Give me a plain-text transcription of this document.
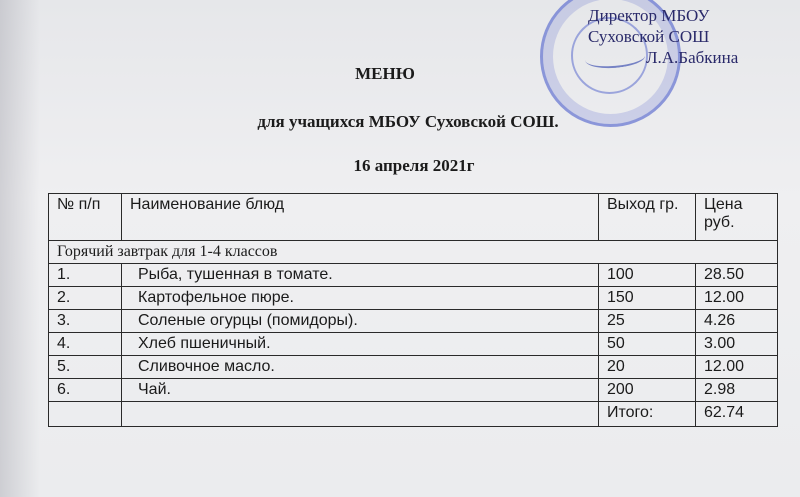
Директор МБОУ
Суховской СОШ
Л.А.Бабкина
МЕНЮ
для учащихся МБОУ Суховской СОШ.
16 апреля 2021г
№ п/п	Наименование блюд	Выход гр.	Цена руб.
Горячий завтрак для 1-4 классов			
1.	Рыба, тушенная в томате.	100	28.50
2.	Картофельное пюре.	150	12.00
3.	Соленые огурцы (помидоры).	25	4.26
4.	Хлеб пшеничный.	50	3.00
5.	Сливочное масло.	20	12.00
6.	Чай.	200	2.98
		Итого:	62.74
